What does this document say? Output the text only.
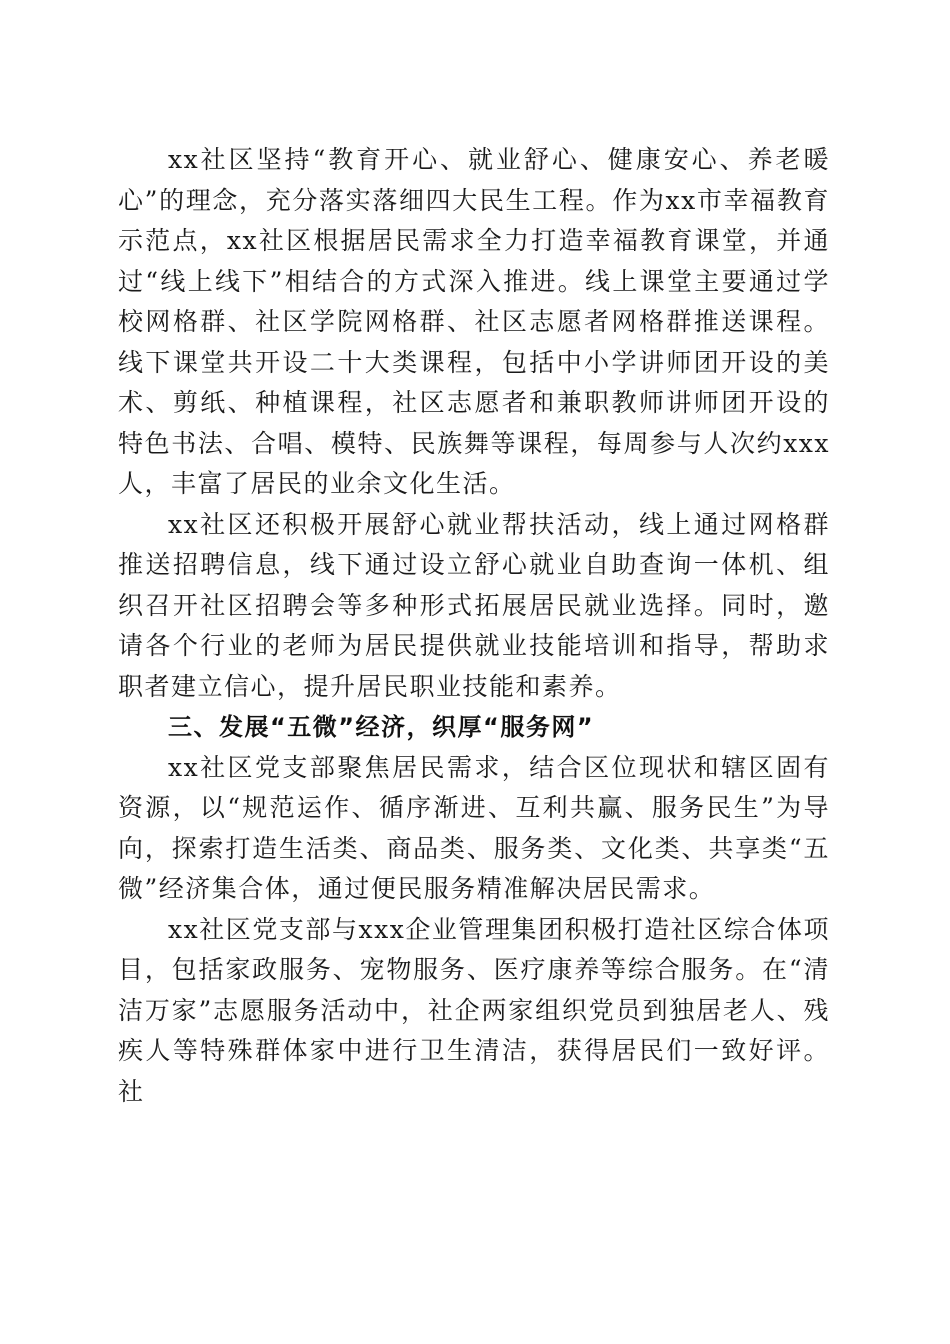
xx社区坚持“教育开心、就业舒心、健康安心、养老暖心”的理念，充分落实落细四大民生工程。作为xx市幸福教育示范点，xx社区根据居民需求全力打造幸福教育课堂，并通过“线上线下”相结合的方式深入推进。线上课堂主要通过学校网格群、社区学院网格群、社区志愿者网格群推送课程。线下课堂共开设二十大类课程，包括中小学讲师团开设的美术、剪纸、种植课程，社区志愿者和兼职教师讲师团开设的特色书法、合唱、模特、民族舞等课程，每周参与人次约xxx人，丰富了居民的业余文化生活。

xx社区还积极开展舒心就业帮扶活动，线上通过网格群推送招聘信息，线下通过设立舒心就业自助查询一体机、组织召开社区招聘会等多种形式拓展居民就业选择。同时，邀请各个行业的老师为居民提供就业技能培训和指导，帮助求职者建立信心，提升居民职业技能和素养。

三、发展“五微”经济，织厚“服务网”

xx社区党支部聚焦居民需求，结合区位现状和辖区固有资源，以“规范运作、循序渐进、互利共赢、服务民生”为导向，探索打造生活类、商品类、服务类、文化类、共享类“五微”经济集合体，通过便民服务精准解决居民需求。

xx社区党支部与xxx企业管理集团积极打造社区综合体项目，包括家政服务、宠物服务、医疗康养等综合服务。在“清洁万家”志愿服务活动中，社企两家组织党员到独居老人、残疾人等特殊群体家中进行卫生清洁，获得居民们一致好评。社
